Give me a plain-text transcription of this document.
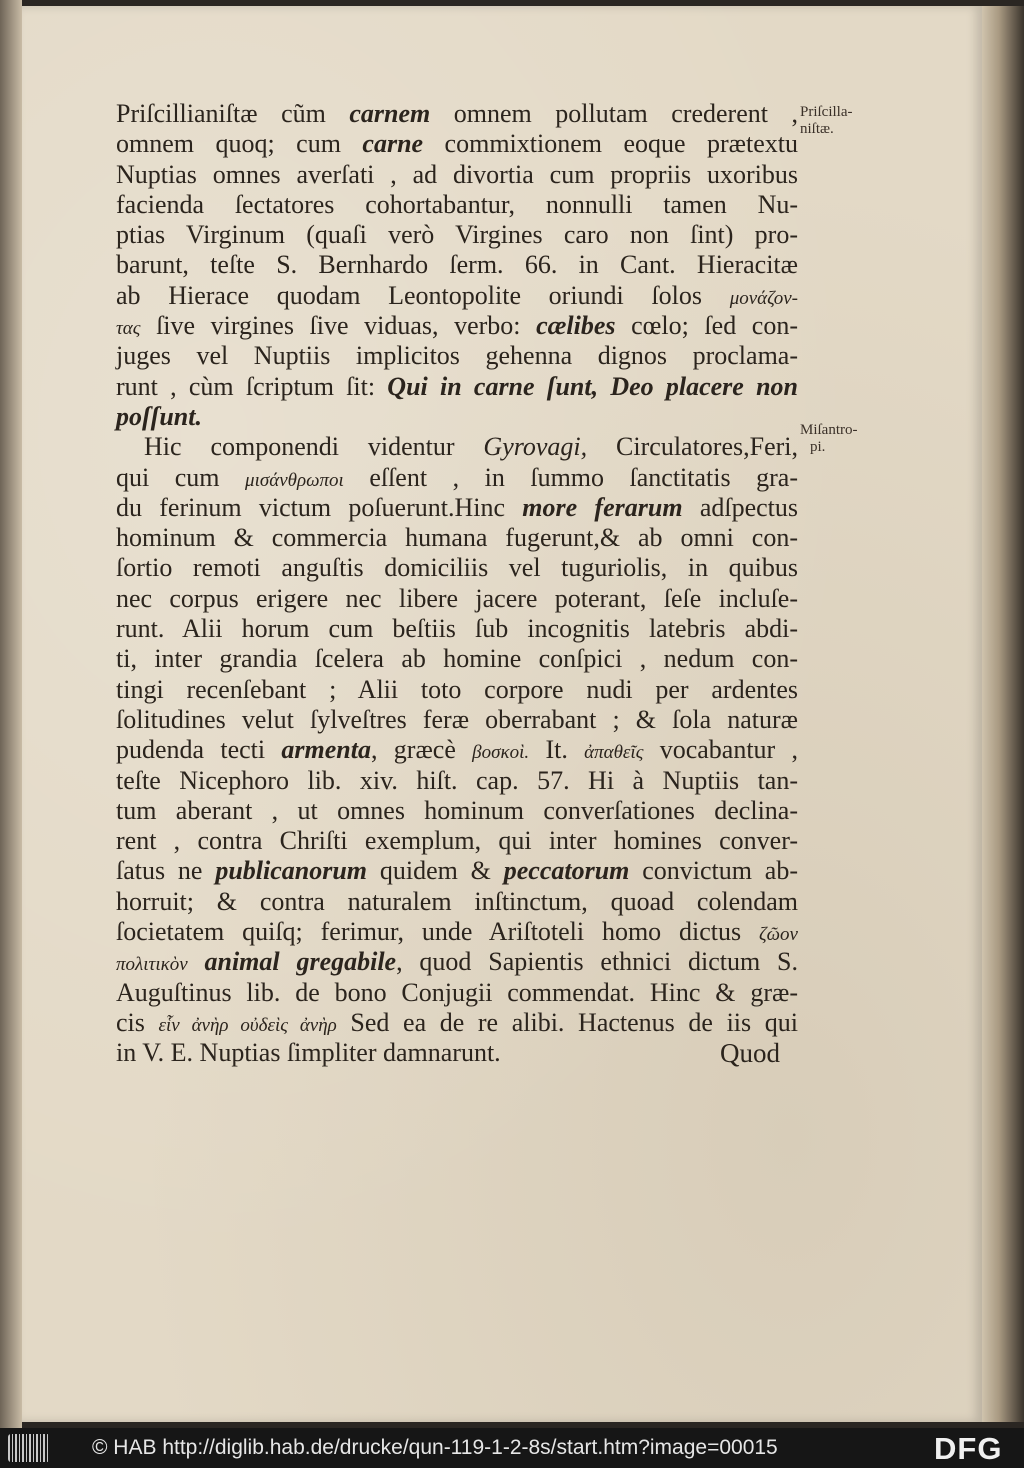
Priſcillianiſtæ cũm carnem omnem pollutam crederent ,
omnem quoq; cum carne commixtionem eoque prætextu
Nuptias omnes averſati , ad divortia cum propriis uxoribus
facienda ſectatores cohortabantur, nonnulli tamen Nu-
ptias Virginum (quaſi verò Virgines caro non ſint) pro-
barunt, teſte S. Bernhardo ſerm. 66. in Cant. Hieracitæ
ab Hierace quodam Leontopolite oriundi ſolos μονάζον-
τας ſive virgines ſive viduas, verbo: cælibes cœlo; ſed con-
juges vel Nuptiis implicitos gehenna dignos proclama-
runt , cùm ſcriptum ſit: Qui in carne ſunt, Deo placere non
poſſunt.
Hic componendi videntur Gyrovagi, Circulatores,Feri,
qui cum μισάνθρωποι eſſent , in ſummo ſanctitatis gra-
du ferinum victum poſuerunt.Hinc more ferarum adſpectus
hominum & commercia humana fugerunt,& ab omni con-
ſortio remoti anguſtis domiciliis vel tuguriolis, in quibus
nec corpus erigere nec libere jacere poterant, ſeſe incluſe-
runt. Alii horum cum beſtiis ſub incognitis latebris abdi-
ti, inter grandia ſcelera ab homine conſpici , nedum con-
tingi recenſebant ; Alii toto corpore nudi per ardentes
ſolitudines velut ſylveſtres feræ oberrabant ; & ſola naturæ
pudenda tecti armenta, græcè βοσκοὶ. It. ἀπαθεῖς vocabantur ,
teſte Nicephoro lib. xiv. hiſt. cap. 57. Hi à Nuptiis tan-
tum aberant , ut omnes hominum converſationes declina-
rent , contra Chriſti exemplum, qui inter homines conver-
ſatus ne publicanorum quidem & peccatorum convictum ab-
horruit; & contra naturalem inſtinctum, quoad colendam
ſocietatem quiſq; ferimur, unde Ariſtoteli homo dictus ζῶον
πολιτικὸν animal gregabile, quod Sapientis ethnici dictum S.
Auguſtinus lib. de bono Conjugii commendat. Hinc & græ-
cis εἷν ἀνὴρ οὐδεὶς ἀνὴρ Sed ea de re alibi. Hactenus de iis qui
in V. E. Nuptias ſimpliter damnarunt.
Priſcilla-
niſtæ.
Miſantro-
pi.
Quod
© HAB http://diglib.hab.de/drucke/qun-119-1-2-8s/start.htm?image=00015	DFG
